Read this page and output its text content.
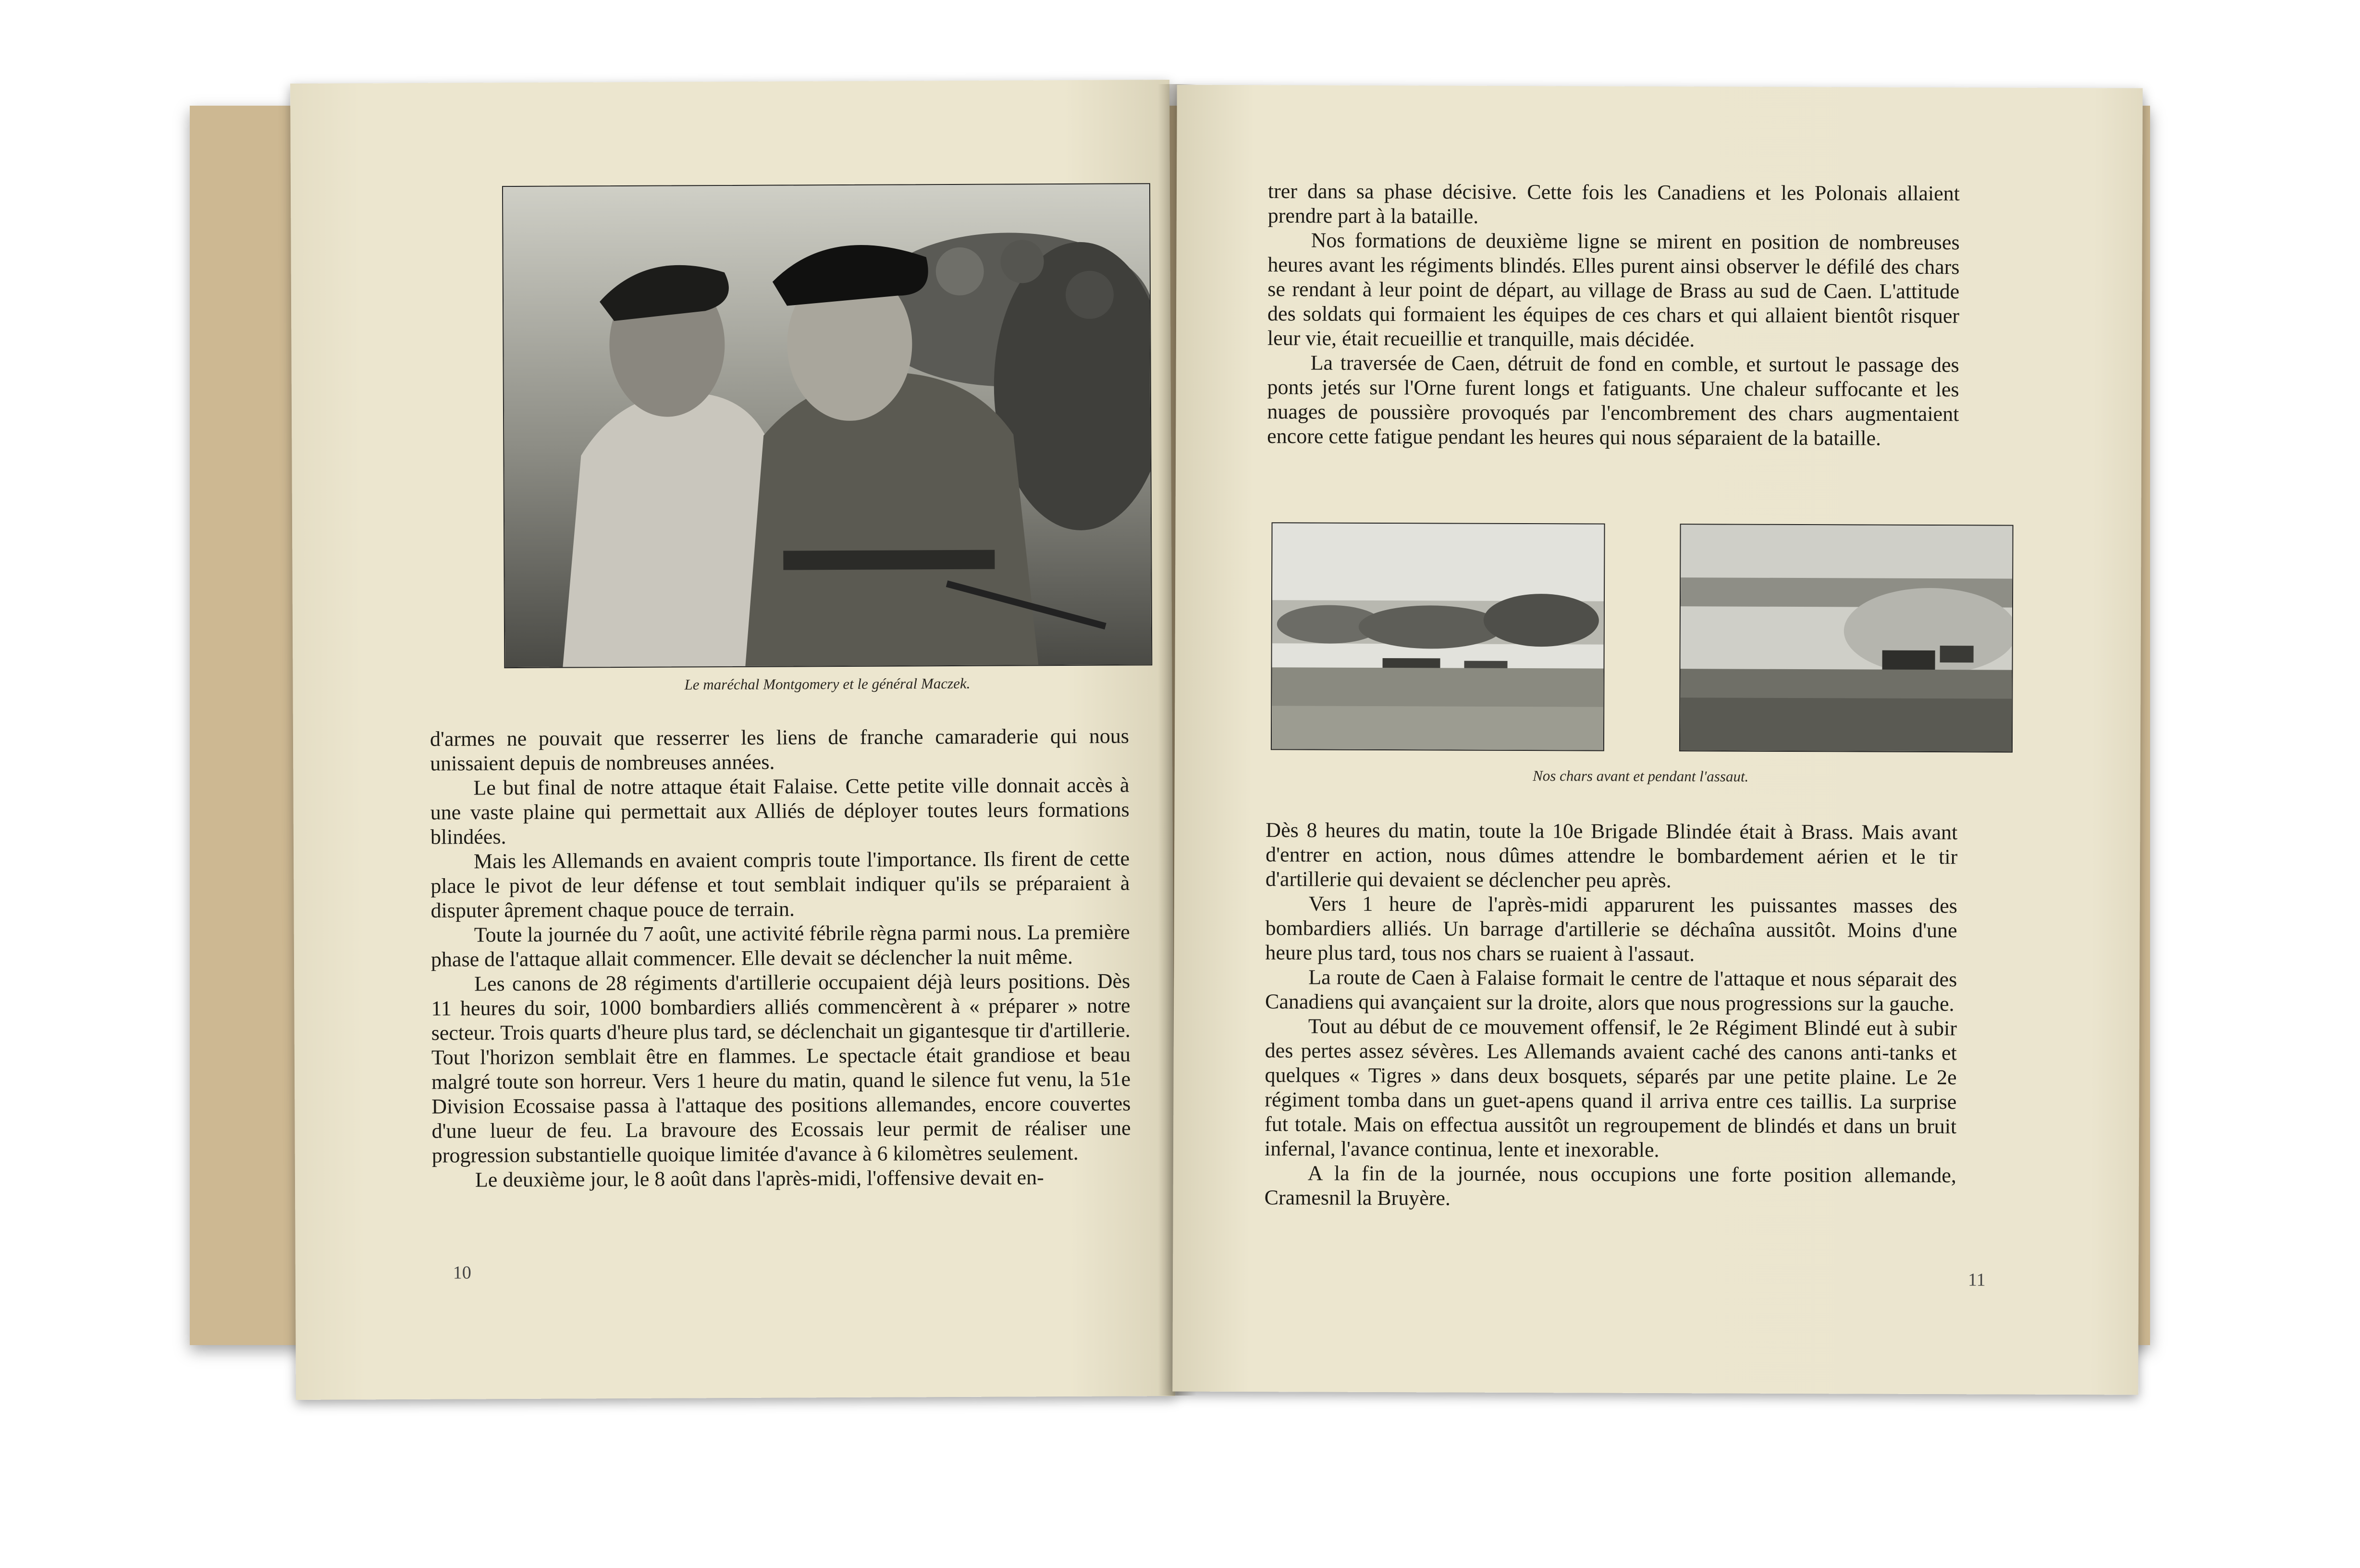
Le maréchal Montgomery et le général Maczek.

d'armes ne pouvait que resserrer les liens de franche camaraderie qui nous unissaient depuis de nombreuses années.

Le but final de notre attaque était Falaise. Cette petite ville donnait accès à une vaste plaine qui permettait aux Alliés de déployer toutes leurs formations blindées.

Mais les Allemands en avaient compris toute l'importance. Ils firent de cette place le pivot de leur défense et tout semblait indiquer qu'ils se préparaient à disputer âprement chaque pouce de terrain.

Toute la journée du 7 août, une activité fébrile règna parmi nous. La première phase de l'attaque allait commencer. Elle devait se déclencher la nuit même.

Les canons de 28 régiments d'artillerie occupaient déjà leurs positions. Dès 11 heures du soir, 1000 bombardiers alliés commencèrent à « préparer » notre secteur. Trois quarts d'heure plus tard, se déclenchait un gigantesque tir d'artillerie. Tout l'horizon semblait être en flammes. Le spectacle était grandiose et beau malgré toute son horreur. Vers 1 heure du matin, quand le silence fut venu, la 51e Division Ecossaise passa à l'attaque des positions allemandes, encore couvertes d'une lueur de feu. La bravoure des Ecossais leur permit de réaliser une progression substantielle quoique limitée d'avance à 6 kilomètres seulement.

Le deuxième jour, le 8 août dans l'après-midi, l'offensive devait en-

10

trer dans sa phase décisive. Cette fois les Canadiens et les Polonais allaient prendre part à la bataille.

Nos formations de deuxième ligne se mirent en position de nombreuses heures avant les régiments blindés. Elles purent ainsi observer le défilé des chars se rendant à leur point de départ, au village de Brass au sud de Caen. L'attitude des soldats qui formaient les équipes de ces chars et qui allaient bientôt risquer leur vie, était recueillie et tranquille, mais décidée.

La traversée de Caen, détruit de fond en comble, et surtout le passage des ponts jetés sur l'Orne furent longs et fatiguants. Une chaleur suffocante et les nuages de poussière provoqués par l'encombrement des chars augmentaient encore cette fatigue pendant les heures qui nous séparaient de la bataille.

Nos chars avant et pendant l'assaut.

Dès 8 heures du matin, toute la 10e Brigade Blindée était à Brass. Mais avant d'entrer en action, nous dûmes attendre le bombardement aérien et le tir d'artillerie qui devaient se déclencher peu après.

Vers 1 heure de l'après-midi apparurent les puissantes masses des bombardiers alliés. Un barrage d'artillerie se déchaîna aussitôt. Moins d'une heure plus tard, tous nos chars se ruaient à l'assaut.

La route de Caen à Falaise formait le centre de l'attaque et nous séparait des Canadiens qui avançaient sur la droite, alors que nous progressions sur la gauche.

Tout au début de ce mouvement offensif, le 2e Régiment Blindé eut à subir des pertes assez sévères. Les Allemands avaient caché des canons anti-tanks et quelques « Tigres » dans deux bosquets, séparés par une petite plaine. Le 2e régiment tomba dans un guet-apens quand il arriva entre ces taillis. La surprise fut totale. Mais on effectua aussitôt un regroupement de blindés et dans un bruit infernal, l'avance continua, lente et inexorable.

A la fin de la journée, nous occupions une forte position allemande, Cramesnil la Bruyère.

11
